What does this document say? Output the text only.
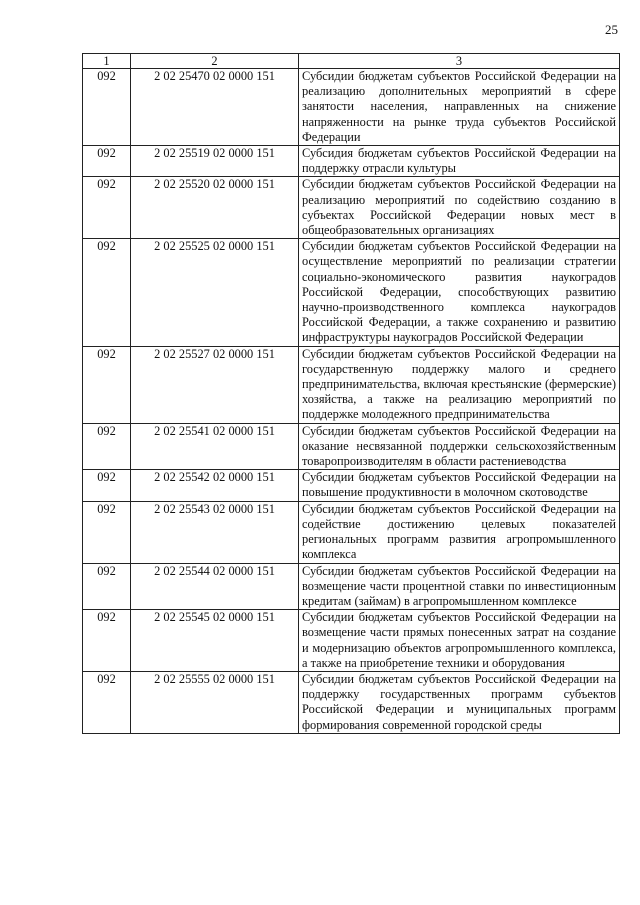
25
1	2	3
092	2 02 25470 02 0000 151	Субсидии бюджетам субъектов Российской Федерации на реализацию дополнительных мероприятий в сфере занятости населения, направленных на снижение напряженности на рынке труда субъектов Российской Федерации
092	2 02 25519 02 0000 151	Субсидия бюджетам субъектов Российской Федерации на поддержку отрасли культуры
092	2 02 25520 02 0000 151	Субсидии бюджетам субъектов Российской Федерации на реализацию мероприятий по содействию созданию в субъектах Российской Федерации новых мест в общеобразовательных организациях
092	2 02 25525 02 0000 151	Субсидии бюджетам субъектов Российской Федерации на осуществление мероприятий по реализации стратегии социально-экономического развития наукоградов Российской Федерации, способствующих развитию научно-производственного комплекса наукоградов Российской Федерации, а также сохранению и развитию инфраструктуры наукоградов Российской Федерации
092	2 02 25527 02 0000 151	Субсидии бюджетам субъектов Российской Федерации на государственную поддержку малого и среднего предпринимательства, включая крестьянские (фермерские) хозяйства, а также на реализацию мероприятий по поддержке молодежного предпринимательства
092	2 02 25541 02 0000 151	Субсидии бюджетам субъектов Российской Федерации на оказание несвязанной поддержки сельскохозяйственным товаропроизводителям в области растениеводства
092	2 02 25542 02 0000 151	Субсидии бюджетам субъектов Российской Федерации на повышение продуктивности в молочном скотоводстве
092	2 02 25543 02 0000 151	Субсидии бюджетам субъектов Российской Федерации на содействие достижению целевых показателей региональных программ развития агропромышленного комплекса
092	2 02 25544 02 0000 151	Субсидии бюджетам субъектов Российской Федерации на возмещение части процентной ставки по инвестиционным кредитам (займам) в агропромышленном комплексе
092	2 02 25545 02 0000 151	Субсидии бюджетам субъектов Российской Федерации на возмещение части прямых понесенных затрат на создание и модернизацию объектов агропромышленного комплекса, а также на приобретение техники и оборудования
092	2 02 25555 02 0000 151	Субсидии бюджетам субъектов Российской Федерации на поддержку государственных программ субъектов Российской Федерации и муниципальных программ формирования современной городской среды
